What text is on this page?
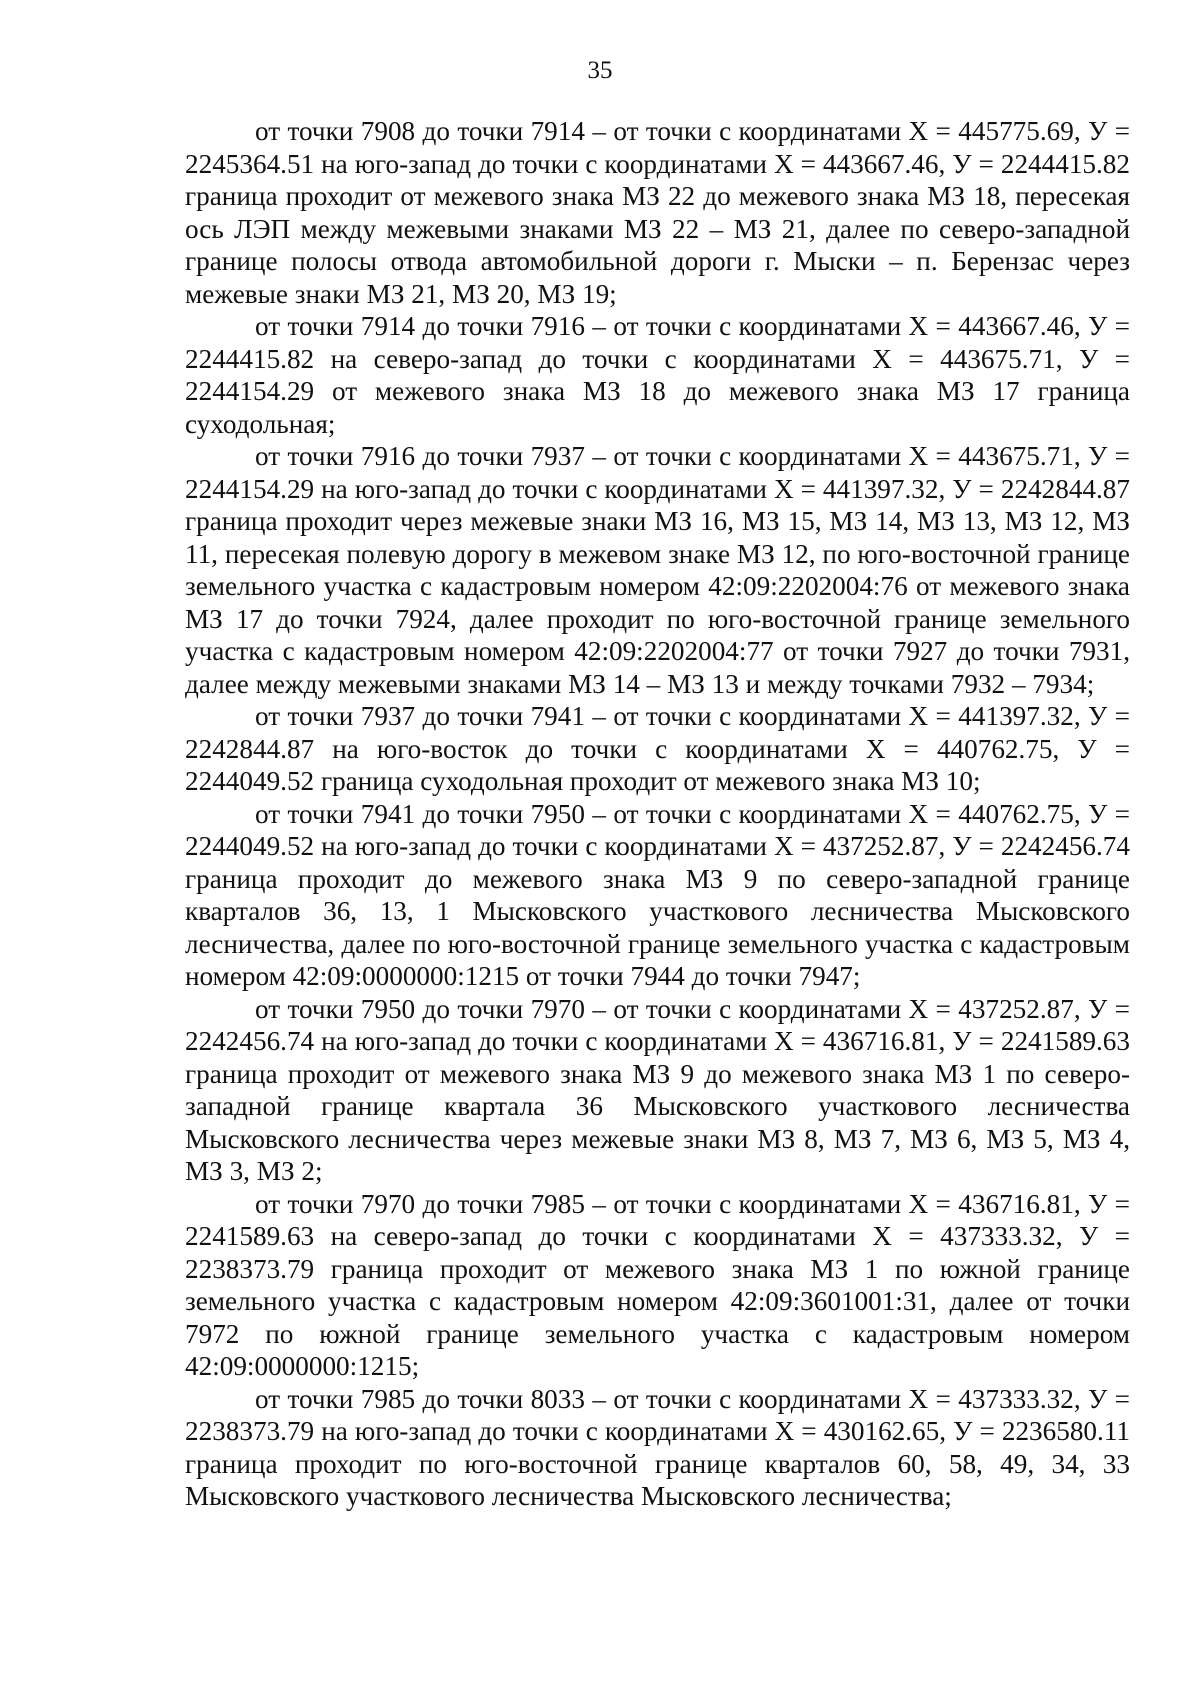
35

от точки 7908 до точки 7914 – от точки с координатами Х = 445775.69, У = 2245364.51 на юго-запад до точки с координатами Х = 443667.46, У = 2244415.82 граница проходит от межевого знака МЗ 22 до межевого знака МЗ 18, пересекая ось ЛЭП между межевыми знаками МЗ 22 – МЗ 21, далее по северо-западной границе полосы отвода автомобильной дороги г. Мыски – п. Берензас через межевые знаки МЗ 21, МЗ 20, МЗ 19;

от точки 7914 до точки 7916 – от точки с координатами Х = 443667.46, У = 2244415.82 на северо-запад до точки с координатами Х = 443675.71, У = 2244154.29 от межевого знака МЗ 18 до межевого знака МЗ 17 граница суходольная;

от точки 7916 до точки 7937 – от точки с координатами Х = 443675.71, У = 2244154.29 на юго-запад до точки с координатами Х = 441397.32, У = 2242844.87 граница проходит через межевые знаки МЗ 16, МЗ 15, МЗ 14, МЗ 13, МЗ 12, МЗ 11, пересекая полевую дорогу в межевом знаке МЗ 12, по юго-восточной границе земельного участка с кадастровым номером 42:09:2202004:76 от межевого знака МЗ 17 до точки 7924, далее проходит по юго-восточной границе земельного участка с кадастровым номером 42:09:2202004:77 от точки 7927 до точки 7931, далее между межевыми знаками МЗ 14 – МЗ 13 и между точками 7932 – 7934;

от точки 7937 до точки 7941 – от точки с координатами Х = 441397.32, У = 2242844.87 на юго-восток до точки с координатами Х = 440762.75, У = 2244049.52 граница суходольная проходит от межевого знака МЗ 10;

от точки 7941 до точки 7950 – от точки с координатами Х = 440762.75, У = 2244049.52 на юго-запад до точки с координатами Х = 437252.87, У = 2242456.74 граница проходит до межевого знака МЗ 9 по северо-западной границе кварталов 36, 13, 1 Мысковского участкового лесничества Мысковского лесничества, далее по юго-восточной границе земельного участка с кадастровым номером 42:09:0000000:1215 от точки 7944 до точки 7947;

от точки 7950 до точки 7970 – от точки с координатами Х = 437252.87, У = 2242456.74 на юго-запад до точки с координатами Х = 436716.81, У = 2241589.63 граница проходит от межевого знака МЗ 9 до межевого знака МЗ 1 по северо-западной границе квартала 36 Мысковского участкового лесничества Мысковского лесничества через межевые знаки МЗ 8, МЗ 7, МЗ 6, МЗ 5, МЗ 4, МЗ 3, МЗ 2;

от точки 7970 до точки 7985 – от точки с координатами Х = 436716.81, У = 2241589.63 на северо-запад до точки с координатами Х = 437333.32, У = 2238373.79 граница проходит от межевого знака МЗ 1 по южной границе земельного участка с кадастровым номером 42:09:3601001:31, далее от точки 7972 по южной границе земельного участка с кадастровым номером 42:09:0000000:1215;

от точки 7985 до точки 8033 – от точки с координатами Х = 437333.32, У = 2238373.79 на юго-запад до точки с координатами Х = 430162.65, У = 2236580.11 граница проходит по юго-восточной границе кварталов 60, 58, 49, 34, 33 Мысковского участкового лесничества Мысковского лесничества;
